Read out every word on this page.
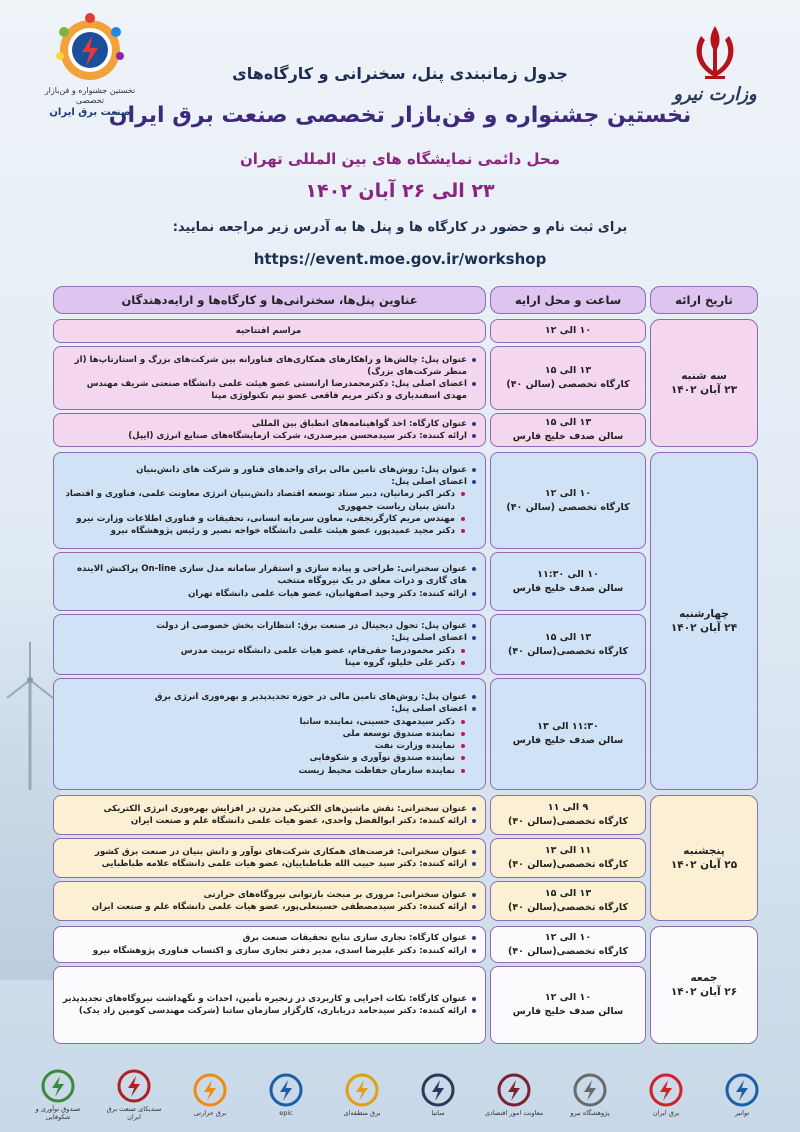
نخستین جشنواره و فن‌بازار تخصصی
صنعت برق ایران
وزارت نیرو
جدول زمانبندی پنل، سخنرانی و کارگاه‌های
نخستین جشنواره و فن‌بازار تخصصی صنعت برق ایران
محل دائمی نمایشگاه های بین المللی تهران
۲۳ الی ۲۶ آبان ۱۴۰۲
برای ثبت نام و حضور در کارگاه ها و پنل ها به آدرس زیر مراجعه نمایید:
https://event.moe.gov.ir/workshop
تاریخ ارائه
ساعت و محل ارایه
عناوین پنل‌ها، سخنرانی‌ها و کارگاه‌ها و ارایه‌دهندگان
سه شنبه
۲۳ آبان ۱۴۰۲
۱۰ الی ۱۲
مراسم افتتاحیه
۱۳ الی ۱۵
کارگاه تخصصی (سالن ۴۰)
عنوان پنل: چالش‌ها و راهکارهای همکاری‌های فناورانه بین شرکت‌های بزرگ و استارتاپ‌ها (از منظر شرکت‌های بزرگ)
اعضای اصلی پنل: دکترمحمدرضا ارانستی عضو هیئت علمی دانشگاه صنعتی شریف مهندس مهدی اسفندیاری و دکتر مریم فاقعی عضو تیم تکنولوژی مپنا
۱۳ الی ۱۵
سالن صدف خلیج فارس
عنوان کارگاه: اخذ گواهینامه‌های انطباق بین المللی
ارائه کننده: دکتر سیدمحسن میرصدری، شرکت ازمایشگاه‌های صنایع انرژی (ایپل)
چهارشنبه
۲۴ آبان ۱۴۰۲
۱۰ الی ۱۲
کارگاه تخصصی (سالن ۴۰)
عنوان پنل: روش‌های تامین مالی برای واحدهای فناور و شرکت های دانش‌بنیان
اعضای اصلی پنل:
دکتر اکبر زمانیان، دبیر ستاد توسعه اقتصاد دانش‌بنیان انرژی معاونت علمی، فناوری و اقتصاد دانش بنیان ریاست جمهوری
مهندس مریم کارگرنجفی، معاون سرمایه انسانی، تحقیقات و فناوری اطلاعات وزارت نیرو
دکتر مجید عمیدپور، عضو هیئت علمی دانشگاه خواجه نصیر و رئیس پژوهشگاه نیرو
۱۰ الی ۱۱:۳۰
سالن صدف خلیج فارس
عنوان سخنرانی: طراحی و پیاده سازی و استقرار سامانه مدل سازی On-line پراکنش الاینده های گازی و ذرات معلق در یک نیروگاه منتخب
ارائه کننده: دکتر وحید اصفهانیان، عضو هیات علمی دانشگاه تهران
۱۳ الی ۱۵
کارگاه تخصصی(سالن ۴۰)
عنوان پنل: تحول دیجیتال در صنعت برق: انتظارات بخش خصوصی از دولت
اعضای اصلی پنل:
دکتر محمودرضا حقی‌فام، عضو هیات علمی دانشگاه تربیت مدرس
دکتر علی خلیلو، گروه مپنا
۱۱:۳۰ الی ۱۳
سالن صدف خلیج فارس
عنوان پنل: روش‌های تامین مالی در حوزه تجدیدپذیر و بهره‌وری انرژی برق
اعضای اصلی پنل:
دکتر سیدمهدی حسینی، نماینده ساتبا
نماینده صندوق توسعه ملی
نماینده وزارت نفت
نماینده صندوق نوآوری و شکوفایی
نماینده سازمان حفاظت محیط زیست
پنجشنبه
۲۵ آبان ۱۴۰۲
۹ الی ۱۱
کارگاه تخصصی(سالن ۴۰)
عنوان سخنرانی: نقش ماشین‌های الکتریکی مدرن در افزایش بهره‌وری انرژی الکتریکی
ارائه کننده: دکتر ابوالفضل واحدی، عضو هیات علمی دانشگاه علم و صنعت ایران
۱۱ الی ۱۳
کارگاه تخصصی(سالن ۴۰)
عنوان سخنرانی: فرصت‌های همکاری شرکت‌های نوآور و دانش بنیان در صنعت برق کشور
ارائه کننده: دکتر سید حبیب الله طباطباییان، عضو هیات علمی دانشگاه علامه طباطبایی
۱۳ الی ۱۵
کارگاه تخصصی(سالن ۴۰)
عنوان سخنرانی: مروری بر مبحث بازتوانی نیروگاه‌های حرارتی
ارائه کننده: دکتر سیدمصطفی حسینعلی‌پور، عضو هیات علمی دانشگاه علم و صنعت ایران
جمعه
۲۶ آبان ۱۴۰۲
۱۰ الی ۱۲
کارگاه تخصصی(سالن ۴۰)
عنوان کارگاه: تجاری سازی نتایج تحقیقات صنعت برق
ارائه کننده: دکتر علیرضا اسدی، مدیر دفتر تجاری سازی و اکتساب فناوری پژوهشگاه نیرو
۱۰ الی ۱۲
سالن صدف خلیج فارس
عنوان کارگاه: نکات اجرایی و کاربردی در زنجیره تأمین، احداث و نگهداشت نیروگاه‌های تجدیدپذیر
ارائه کننده: دکتر سیدحامد دریاباری، کارگزار سازمان ساتبا (شرکت مهندسی کومین زاد یدک)
توانیر
برق ایران
پژوهشگاه نیرو
معاونت امور اقتصادی
ساتبا
برق منطقه‌ای
epic
برق حرارتی
سندیکای صنعت برق ایران
صندوق نوآوری و شکوفایی
